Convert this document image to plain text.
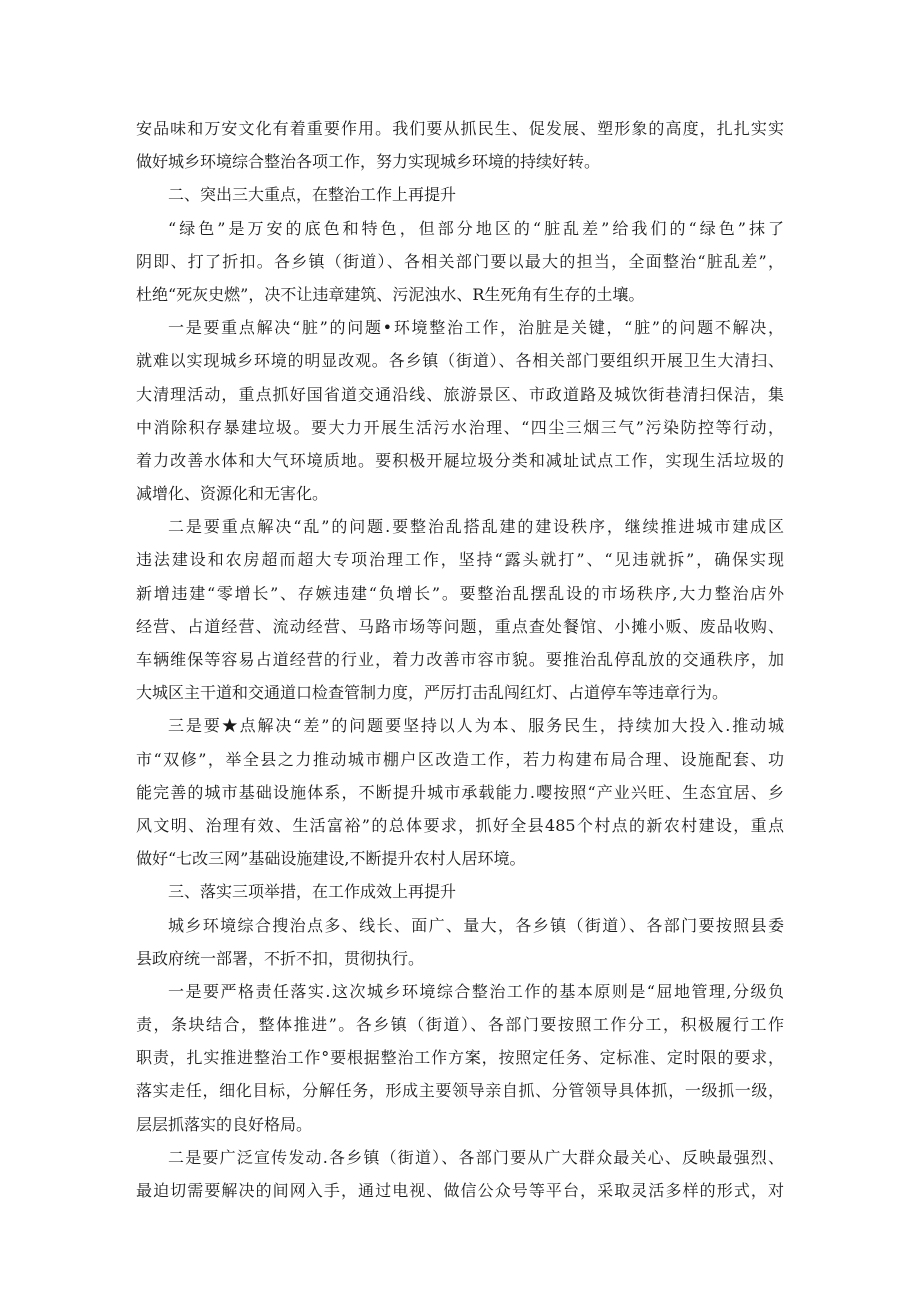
安品味和万安文化有着重要作用。我们要从抓民生、促发展、塑形象的高度，扎扎实实
做好城乡环境综合整治各项工作，努力实现城乡环境的持续好转。
二、突出三大重点，在整治工作上再提升
“绿色”是万安的底色和特色，但部分地区的“脏乱差”给我们的“绿色”抹了
阴即、打了折扣。各乡镇（街道）、各相关部门要以最大的担当，全面整治“脏乱差”，
杜绝“死灰史燃”，决不让违章建筑、污泥浊水、R生死角有生存的土壤。
一是要重点解决“脏”的问题•环境整治工作，治脏是关键，“脏”的问题不解决，
就难以实现城乡环境的明显改观。各乡镇（街道）、各相关部门要组织开展卫生大清扫、
大清理活动，重点抓好国省道交通沿线、旅游景区、市政道路及城饮街巷清扫保洁，集
中消除积存暴建垃圾。要大力开展生活污水治理、“四尘三烟三气”污染防控等行动，
着力改善水体和大气环境质地。要积极开屣垃圾分类和减址试点工作，实现生活垃圾的
减增化、资源化和无害化。
二是要重点解决“乱”的问题.要整治乱搭乱建的建设秩序，继续推进城市建成区
违法建设和农房超而超大专项治理工作，坚持“露头就打”、“见违就拆”，确保实现
新增违建“零增长”、存嫉违建“负增长”。要整治乱摆乱设的市场秩序,大力整治店外
经营、占道经营、流动经营、马路市场等问题，重点查处餐馆、小摊小贩、废品收购、
车辆维保等容易占道经营的行业，着力改善市容市貌。要推治乱停乱放的交通秩序，加
大城区主干道和交通道口检查管制力度，严厉打击乱闯红灯、占道停车等违章行为。
三是要★点解决“差”的问题要坚持以人为本、服务民生，持续加大投入.推动城
市“双修”，举全县之力推动城市棚户区改造工作，若力构建布局合理、设施配套、功
能完善的城市基础设施体系，不断提升城市承载能力.嘤按照“产业兴旺、生态宜居、乡
风文明、治理有效、生活富裕”的总体要求，抓好全县485个村点的新农村建设，重点
做好“七改三网”基础设施建设,不断提升农村人居环境。
三、落实三项举措，在工作成效上再提升
城乡环境综合搜治点多、线长、面广、量大，各乡镇（街道）、各部门要按照县委
县政府统一部署，不折不扣，贯彻执行。
一是要严格责任落实.这次城乡环境综合整治工作的基本原则是“屈地管理,分级负
责，条块结合，整体推进”。各乡镇（街道）、各部门要按照工作分工，积极履行工作
职责，扎实推进整治工作°要根据整治工作方案，按照定任务、定标准、定时限的要求，
落实走任，细化目标，分解任务，形成主要领导亲自抓、分管领导具体抓，一级抓一级，
层层抓落实的良好格局。
二是要广泛宣传发动.各乡镇（街道）、各部门要从广大群众最关心、反映最强烈、
最迫切需要解决的间网入手，通过电视、做信公众号等平台，采取灵活多样的形式，对
